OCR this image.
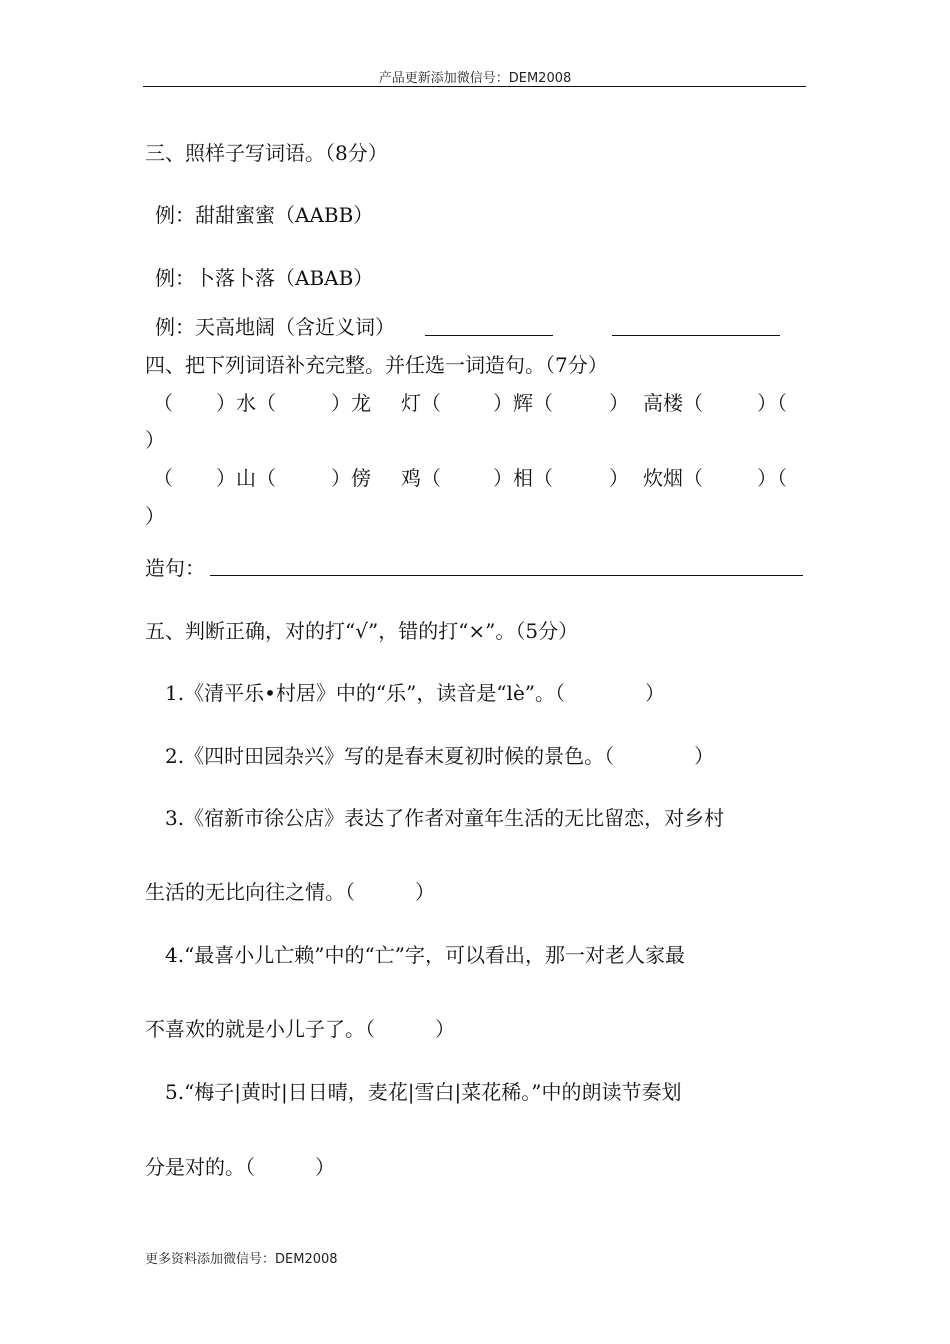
产品更新添加微信号：DEM2008
三、照样子写词语。（8分）
例：甜甜蜜蜜（AABB）
例：卜落卜落（ABAB）
例：天高地阔（含近义词）
四、把下列词语补充完整。并任选一词造句。（7分）
（ ）水（	）龙 灯（	）辉（	） 高楼（	）（
）
（ ）山（	）傍 鸡（	）相（	） 炊烟（	）（
）
造句：
五、判断正确，对的打“√”，错的打“×”。（5分）
1.《清平乐•村居》中的“乐”，读音是“lè”。（　　　　）
2.《四时田园杂兴》写的是春末夏初时候的景色。（　　　　）
3.《宿新市徐公店》表达了作者对童年生活的无比留恋，对乡村
生活的无比向往之情。（　　　）
4.“最喜小儿亡赖”中的“亡”字，可以看出，那一对老人家最
不喜欢的就是小儿子了。（　　　）
5.“梅子|黄时|日日晴，麦花|雪白|菜花稀。”中的朗读节奏划
分是对的。（　　　）
更多资料添加微信号：DEM2008
